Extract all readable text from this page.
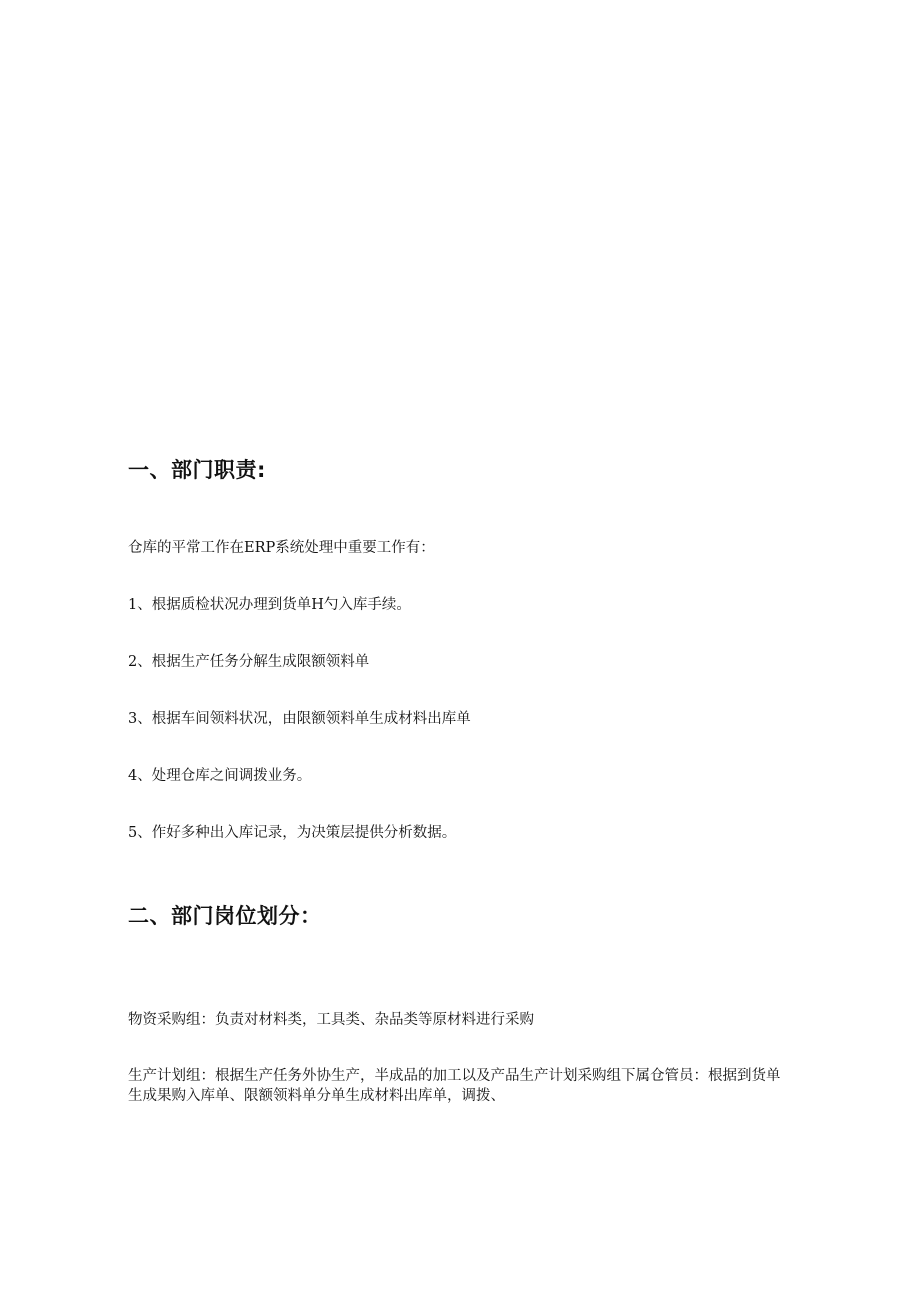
一、部门职责:

仓库的平常工作在ERP系统处理中重要工作有：

1、根据质检状况办理到货单H勺入库手续。

2、根据生产任务分解生成限额领料单

3、根据车间领料状况，由限额领料单生成材料出库单

4、处理仓库之间调拨业务。

5、作好多种出入库记录，为决策层提供分析数据。

二、部门岗位划分：

物资采购组：负责对材料类，工具类、杂品类等原材料进行采购

生产计划组：根据生产任务外协生产，半成品的加工以及产品生产计划采购组下属仓管员：根据到货单生成果购入库单、限额领料单分单生成材料出库单，调拨、
